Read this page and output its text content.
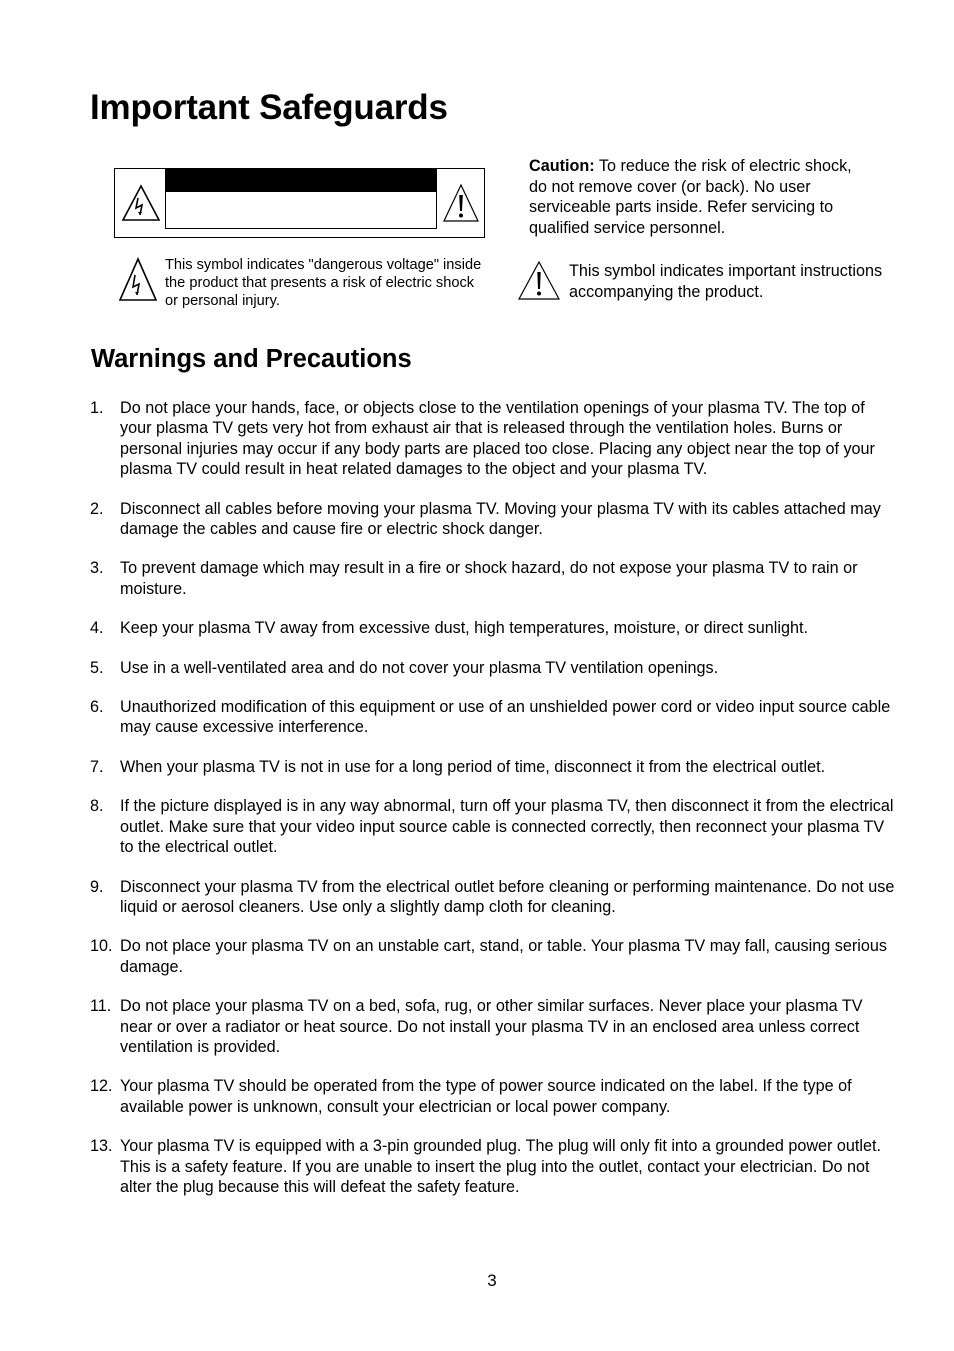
Important Safeguards
Caution: To reduce the risk of electric shock, do not remove cover (or back). No user serviceable parts inside. Refer servicing to qualified service personnel.
This symbol indicates "dangerous voltage" inside the product that presents a risk of electric shock or personal injury.
This symbol indicates important instructions accompanying the product.
Warnings and Precautions
1. Do not place your hands, face, or objects close to the ventilation openings of your plasma TV. The top of your plasma TV gets very hot from exhaust air that is released through the ventilation holes. Burns or personal injuries may occur if any body parts are placed too close. Placing any object near the top of your plasma TV could result in heat related damages to the object and your plasma TV.
2. Disconnect all cables before moving your plasma TV. Moving your plasma TV with its cables attached may damage the cables and cause fire or electric shock danger.
3. To prevent damage which may result in a fire or shock hazard, do not expose your plasma TV to rain or moisture.
4. Keep your plasma TV away from excessive dust, high temperatures, moisture, or direct sunlight.
5. Use in a well-ventilated area and do not cover your plasma TV ventilation openings.
6. Unauthorized modification of this equipment or use of an unshielded power cord or video input source cable may cause excessive interference.
7. When your plasma TV is not in use for a long period of time, disconnect it from the electrical outlet.
8. If the picture displayed is in any way abnormal, turn off your plasma TV, then disconnect it from the electrical outlet. Make sure that your video input source cable is connected correctly, then reconnect your plasma TV to the electrical outlet.
9. Disconnect your plasma TV from the electrical outlet before cleaning or performing maintenance. Do not use liquid or aerosol cleaners. Use only a slightly damp cloth for cleaning.
10. Do not place your plasma TV on an unstable cart, stand, or table. Your plasma TV may fall, causing serious damage.
11. Do not place your plasma TV on a bed, sofa, rug, or other similar surfaces. Never place your plasma TV near or over a radiator or heat source. Do not install your plasma TV in an enclosed area unless correct ventilation is provided.
12. Your plasma TV should be operated from the type of power source indicated on the label. If the type of available power is unknown, consult your electrician or local power company.
13. Your plasma TV is equipped with a 3-pin grounded plug. The plug will only fit into a grounded power outlet. This is a safety feature. If you are unable to insert the plug into the outlet, contact your electrician. Do not alter the plug because this will defeat the safety feature.
3
